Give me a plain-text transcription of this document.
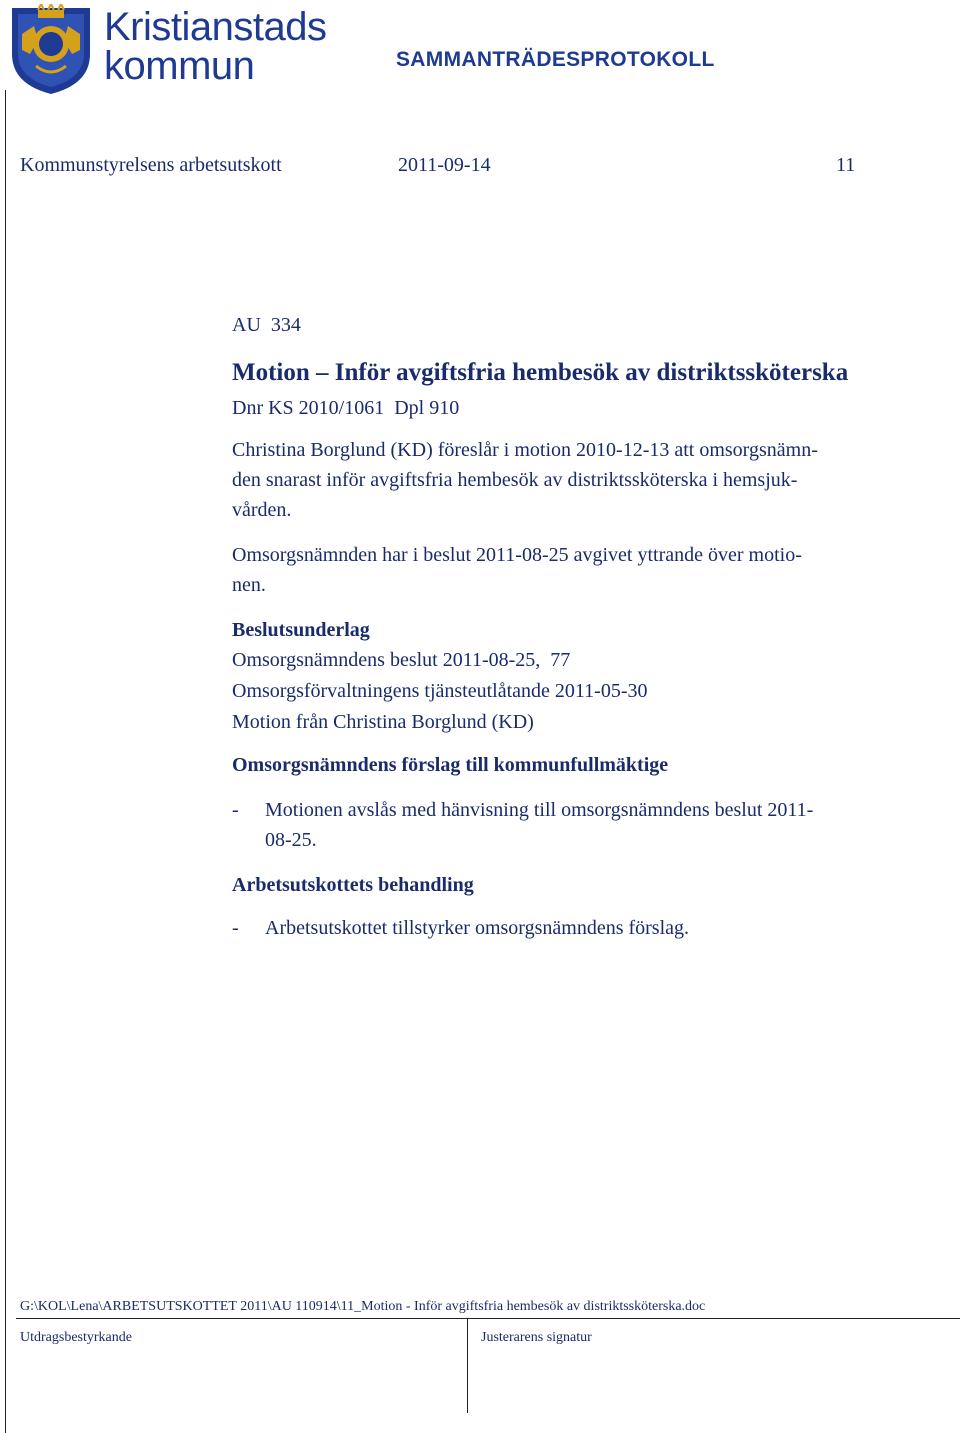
Kristianstads
kommun	SAMMANTRÄDESPROTOKOLL
Kommunstyrelsens arbetsutskott	2011-09-14	11
AU  334
Motion – Inför avgiftsfria hembesök av distriktssköterska
Dnr KS 2010/1061  Dpl 910
Christina Borglund (KD) föreslår i motion 2010-12-13 att omsorgsnämn-
den snarast inför avgiftsfria hembesök av distriktssköterska i hemsjuk-
vården.
Omsorgsnämnden har i beslut 2011-08-25 avgivet yttrande över motio-
nen.
Beslutsunderlag
Omsorgsnämndens beslut 2011-08-25,  77
Omsorgsförvaltningens tjänsteutlåtande 2011-05-30
Motion från Christina Borglund (KD)
Omsorgsnämndens förslag till kommunfullmäktige
-	Motionen avslås med hänvisning till omsorgsnämndens beslut 2011-
08-25.
Arbetsutskottets behandling
-	Arbetsutskottet tillstyrker omsorgsnämndens förslag.
G:\KOL\Lena\ARBETSUTSKOTTET 2011\AU 110914\11_Motion - Inför avgiftsfria hembesök av distriktssköterska.doc
Utdragsbestyrkande	Justerarens signatur
